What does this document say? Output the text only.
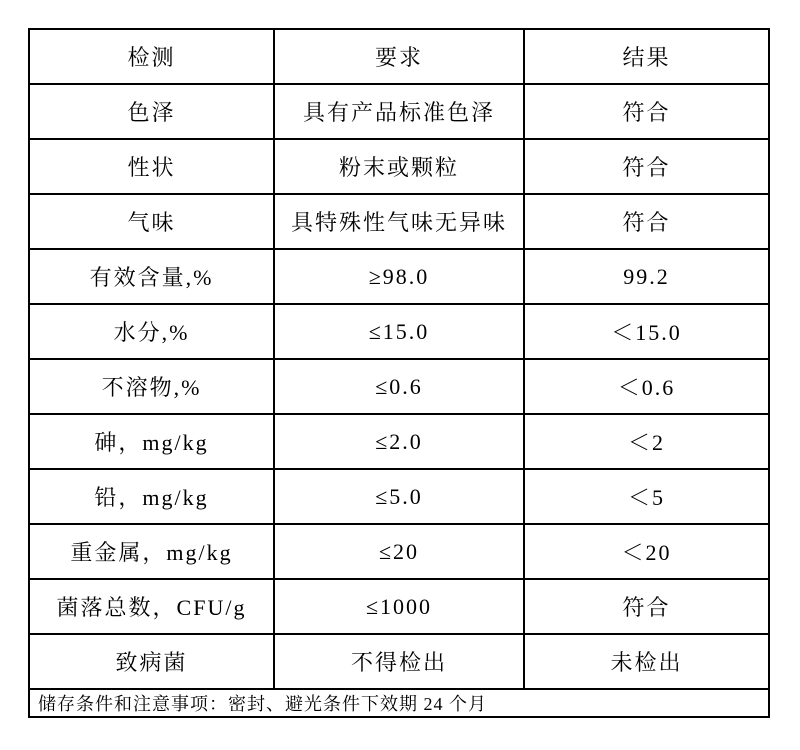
检测	要求	结果
色泽	具有产品标准色泽	符合
性状	粉末或颗粒	符合
气味	具特殊性气味无异味	符合
有效含量,%	≥98.0	99.2
水分,%	≤15.0	＜15.0
不溶物,%	≤0.6	＜0.6
砷，mg/kg	≤2.0	＜2
铅，mg/kg	≤5.0	＜5
重金属，mg/kg	≤20	＜20
菌落总数，CFU/g	≤1000	符合
致病菌	不得检出	未检出
储存条件和注意事项：密封、避光条件下效期 24 个月		
